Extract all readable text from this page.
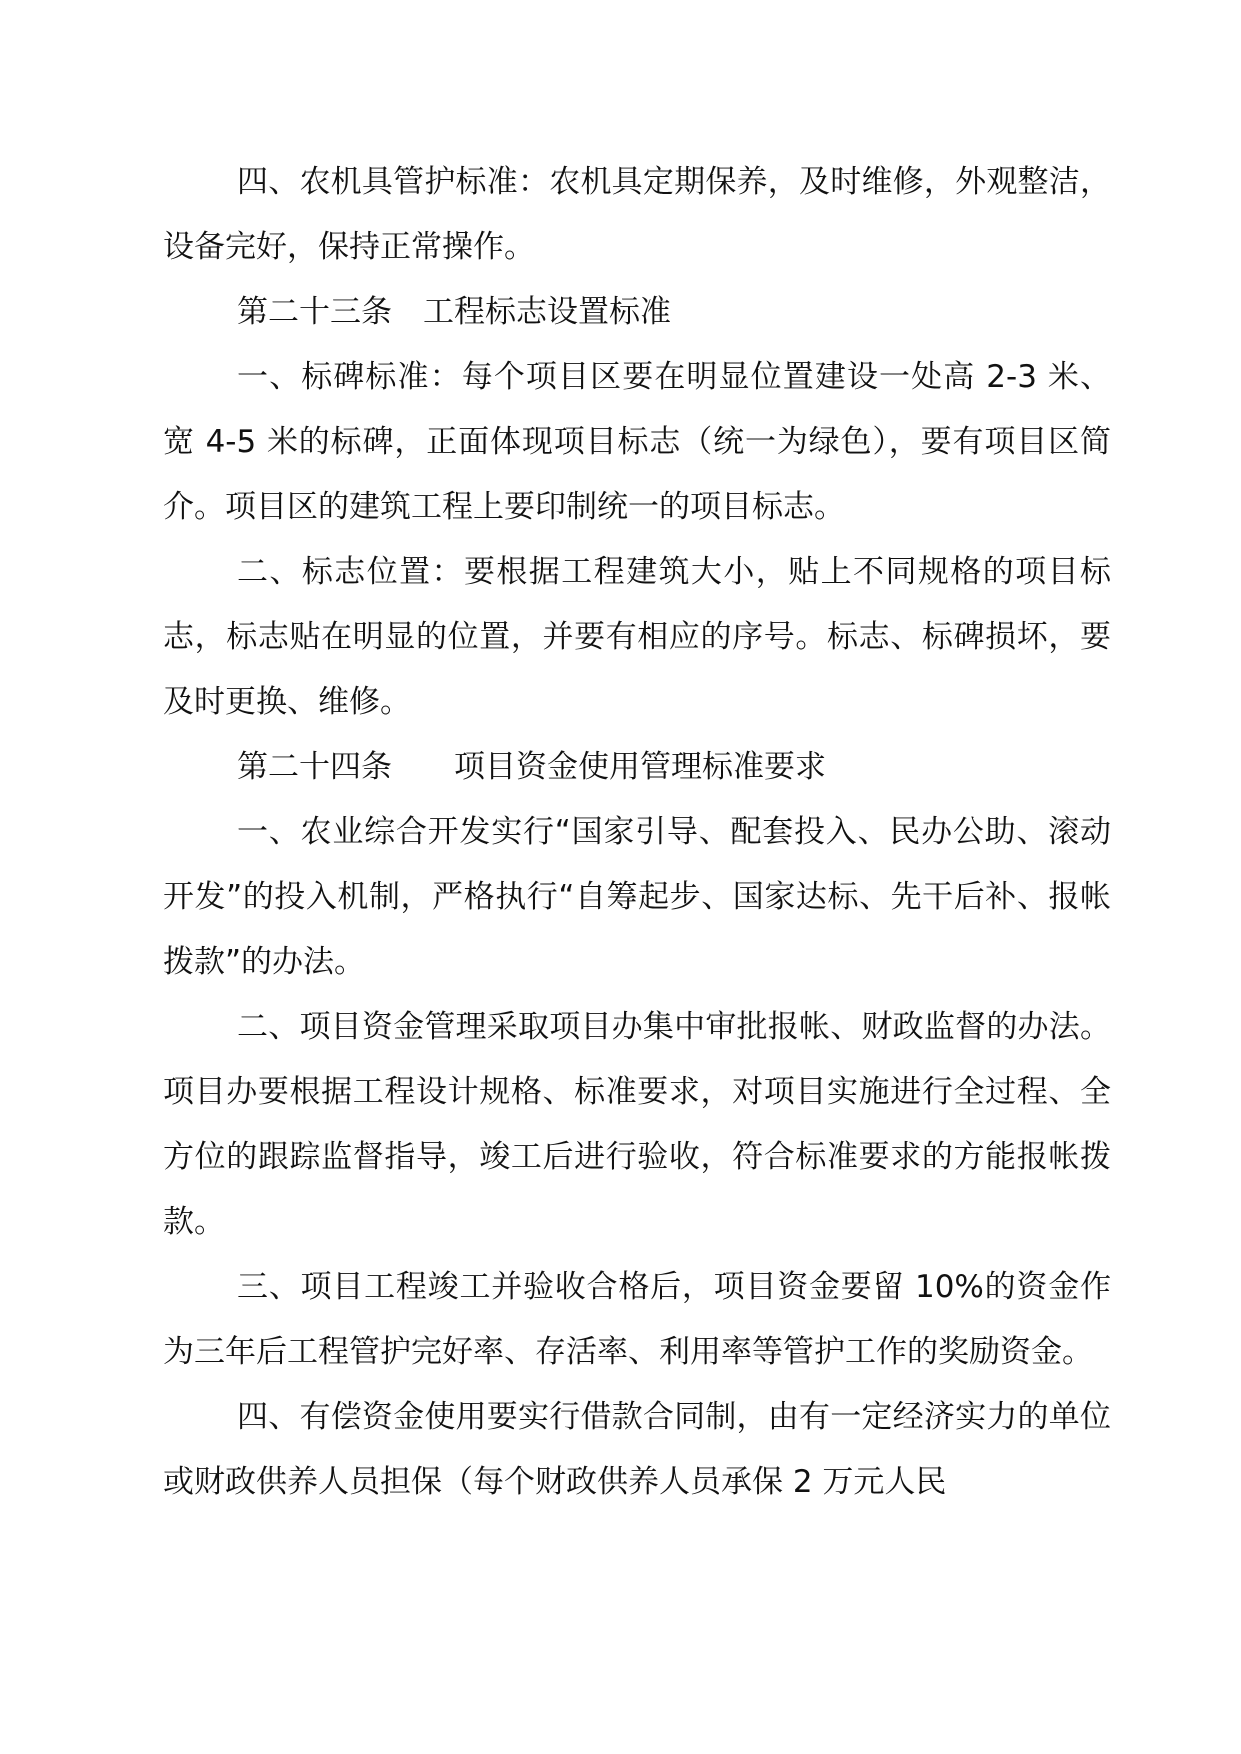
四、农机具管护标准：农机具定期保养，及时维修，外观整洁，设备完好，保持正常操作。

第二十三条　工程标志设置标准

一、标碑标准：每个项目区要在明显位置建设一处高 2-3 米、宽 4-5 米的标碑，正面体现项目标志（统一为绿色），要有项目区简介。项目区的建筑工程上要印制统一的项目标志。

二、标志位置：要根据工程建筑大小，贴上不同规格的项目标志，标志贴在明显的位置，并要有相应的序号。标志、标碑损坏，要及时更换、维修。

第二十四条　　项目资金使用管理标准要求

一、农业综合开发实行“国家引导、配套投入、民办公助、滚动开发”的投入机制，严格执行“自筹起步、国家达标、先干后补、报帐拨款”的办法。

二、项目资金管理采取项目办集中审批报帐、财政监督的办法。项目办要根据工程设计规格、标准要求，对项目实施进行全过程、全方位的跟踪监督指导，竣工后进行验收，符合标准要求的方能报帐拨款。

三、项目工程竣工并验收合格后，项目资金要留 10%的资金作为三年后工程管护完好率、存活率、利用率等管护工作的奖励资金。

四、有偿资金使用要实行借款合同制，由有一定经济实力的单位或财政供养人员担保（每个财政供养人员承保 2 万元人民
